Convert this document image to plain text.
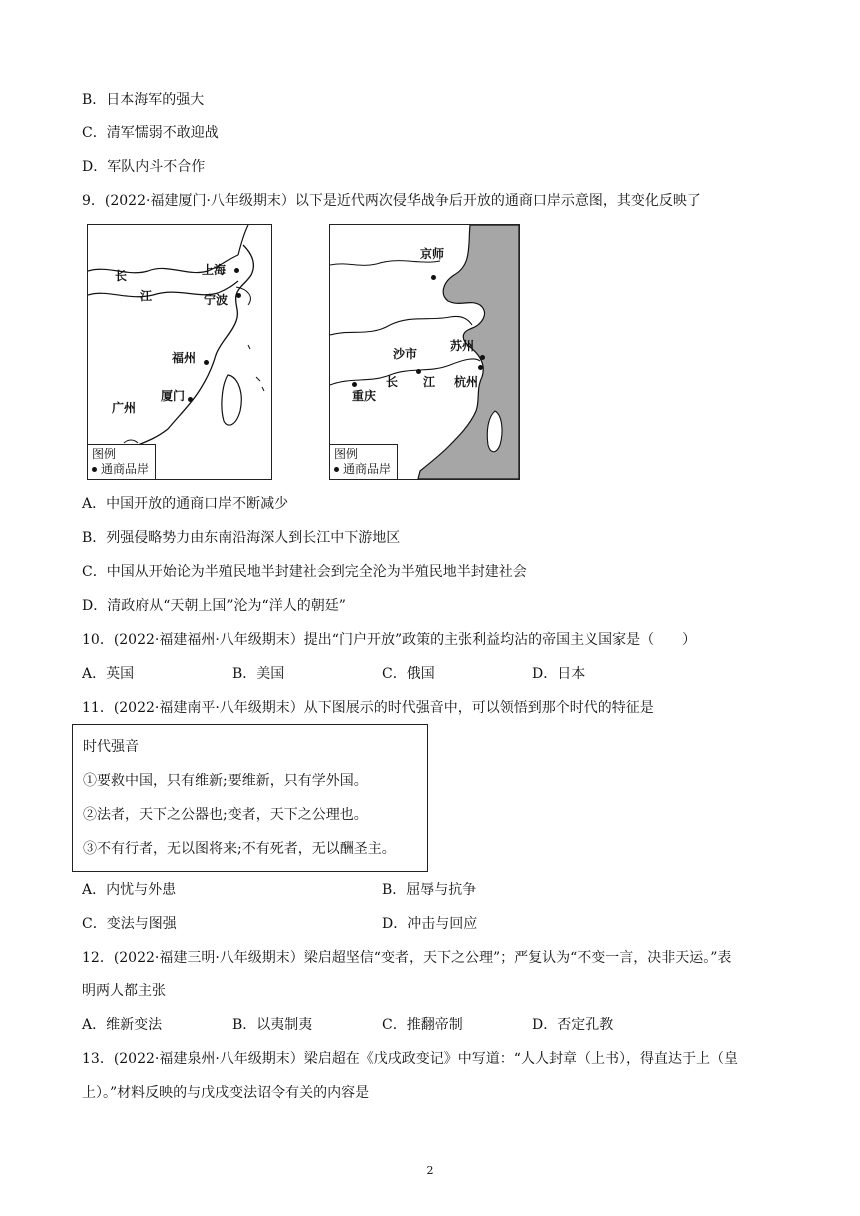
B．日本海军的强大
C．清军懦弱不敢迎战
D．军队内斗不合作
9．(2022·福建厦门·八年级期末）以下是近代两次侵华战争后开放的通商口岸示意图，其变化反映了
长
江
上海
宁波
福州
厦门
广州
图例
通商品岸
京师
苏州
沙市
长 江 杭州
重庆
图例
通商品岸
A．中国开放的通商口岸不断减少
B．列强侵略势力由东南沿海深人到长江中下游地区
C．中国从开始论为半殖民地半封建社会到完全沦为半殖民地半封建社会
D．清政府从“天朝上国”沦为“洋人的朝廷”
10．(2022·福建福州·八年级期末）提出“门户开放”政策的主张利益均沾的帝国主义国家是（　　）
A．英国	B．美国	C．俄国	D．日本
11．(2022·福建南平·八年级期末）从下图展示的时代强音中，可以领悟到那个时代的特征是
时代强音
①要救中国，只有维新;要维新，只有学外国。
②法者，天下之公器也;变者，天下之公理也。
③不有行者，无以图将来;不有死者，无以酬圣主。
A．内忧与外患	B．屈辱与抗争
C．变法与图强	D．冲击与回应
12．(2022·福建三明·八年级期末）梁启超坚信“变者，天下之公理”；严复认为“不变一言，决非天运。”表
明两人都主张
A．维新变法	B．以夷制夷	C．推翻帝制	D．否定孔教
13．(2022·福建泉州·八年级期末）梁启超在《戊戌政变记》中写道：“人人封章（上书），得直达于上（皇
上）。”材料反映的与戊戌变法诏令有关的内容是
2
